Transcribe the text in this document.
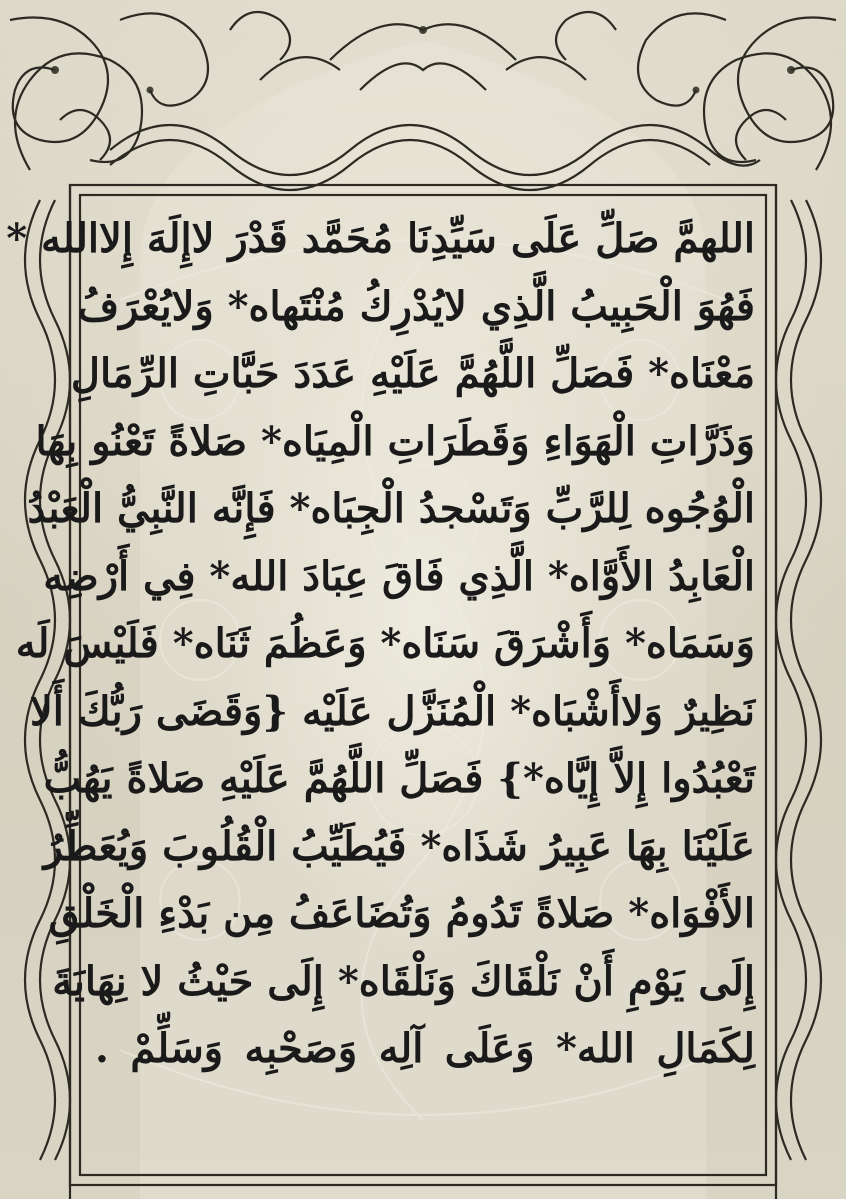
اللهمَّ صَلِّ عَلَى سَيِّدِنَا مُحَمَّد قَدْرَ لاإِلَهَ إِلاالله *
فَهُوَ الْحَبِيبُ الَّذِي لايُدْرِكُ مُنْتَهاه* وَلايُعْرَفُ
مَعْنَاه* فَصَلِّ اللَّهُمَّ عَلَيْهِ عَدَدَ حَبَّاتِ الرِّمَالِ
وَذَرَّاتِ الْهَوَاءِ وَقَطَرَاتِ الْمِيَاه* صَلاةً تَعْنُو بِهَا
الْوُجُوه لِلرَّبِّ وَتَسْجدُ الْجِبَاه* فَإِنَّه النَّبِيُّ الْعَبْدُ
الْعَابِدُ الأَوَّاه* الَّذِي فَاقَ عِبَادَ الله* فِي أَرْضِه
وَسَمَاه* وَأَشْرَقَ سَنَاه* وَعَظُمَ ثَنَاه* فَلَيْسَ لَه
نَظِيرٌ وَلاأَشْبَاه* الْمُنَزَّل عَلَيْه {وَقَضَى رَبُّكَ أَلا
تَعْبُدُوا إِلاَّ إِيَّاه*} فَصَلِّ اللَّهُمَّ عَلَيْهِ صَلاةً يَهُبُّ
عَلَيْنَا بِهَا عَبِيرُ شَذَاه* فَيُطَيِّبُ الْقُلُوبَ وَيُعَطِّرُ
الأَفْوَاه* صَلاةً تَدُومُ وَتُضَاعَفُ مِن بَدْءِ الْخَلْقِ
إِلَى يَوْمِ أَنْ نَلْقَاكَ وَنَلْقَاه* إِلَى حَيْثُ لا نِهَايَةَ
لِكَمَالِ الله* وَعَلَى آلِه وَصَحْبِه وَسَلِّمْ .
